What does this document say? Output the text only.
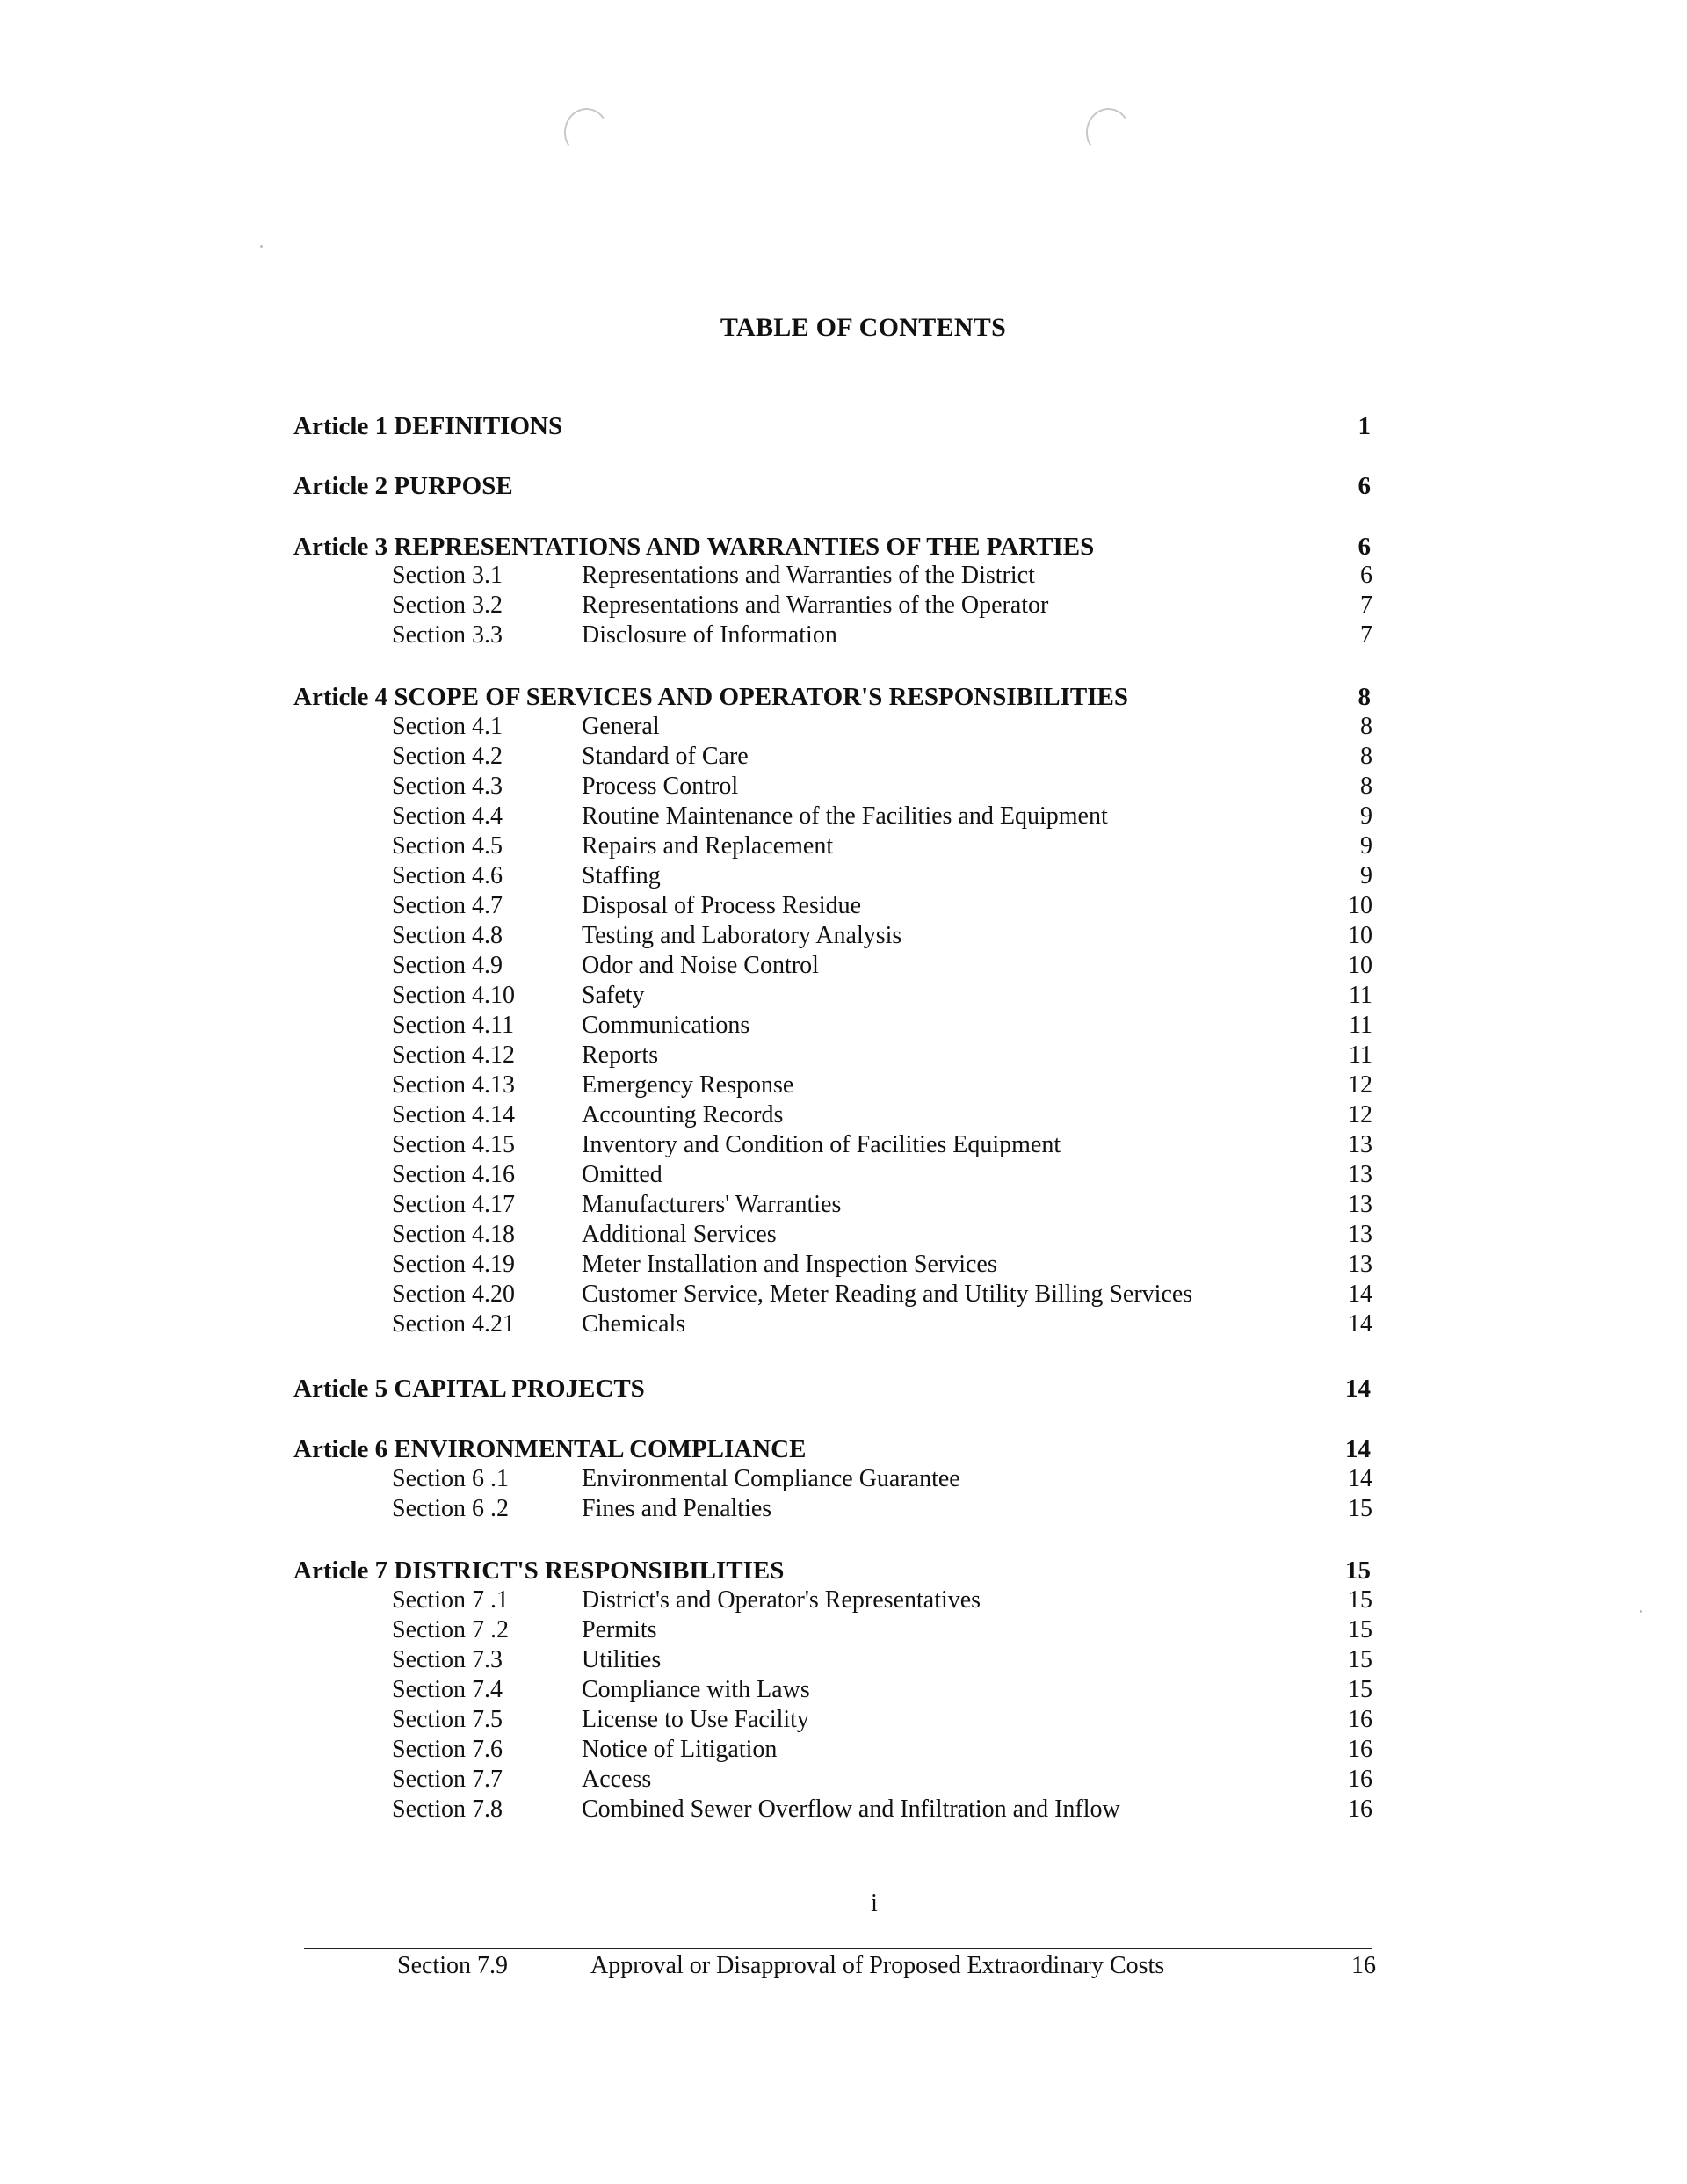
TABLE OF CONTENTS
Article 1 DEFINITIONS	1
Article 2 PURPOSE	6
Article 3 REPRESENTATIONS AND WARRANTIES OF THE PARTIES	6
Section 3.1	Representations and Warranties of the District	6
Section 3.2	Representations and Warranties of the Operator	7
Section 3.3	Disclosure of Information	7
Article 4 SCOPE OF SERVICES AND OPERATOR'S RESPONSIBILITIES	8
Section 4.1	General	8
Section 4.2	Standard of Care	8
Section 4.3	Process Control	8
Section 4.4	Routine Maintenance of the Facilities and Equipment	9
Section 4.5	Repairs and Replacement	9
Section 4.6	Staffing	9
Section 4.7	Disposal of Process Residue	10
Section 4.8	Testing and Laboratory Analysis	10
Section 4.9	Odor and Noise Control	10
Section 4.10	Safety	11
Section 4.11	Communications	11
Section 4.12	Reports	11
Section 4.13	Emergency Response	12
Section 4.14	Accounting Records	12
Section 4.15	Inventory and Condition of Facilities Equipment	13
Section 4.16	Omitted	13
Section 4.17	Manufacturers' Warranties	13
Section 4.18	Additional Services	13
Section 4.19	Meter Installation and Inspection Services	13
Section 4.20	Customer Service, Meter Reading and Utility Billing Services	14
Section 4.21	Chemicals	14
Article 5 CAPITAL PROJECTS	14
Article 6 ENVIRONMENTAL COMPLIANCE	14
Section 6 .1	Environmental Compliance Guarantee	14
Section 6 .2	Fines and Penalties	15
Article 7 DISTRICT'S RESPONSIBILITIES	15
Section 7 .1	District's and Operator's Representatives	15
Section 7 .2	Permits	15
Section 7.3	Utilities	15
Section 7.4	Compliance with Laws	15
Section 7.5	License to Use Facility	16
Section 7.6	Notice of Litigation	16
Section 7.7	Access	16
Section 7.8	Combined Sewer Overflow and Infiltration and Inflow	16
i
Section 7.9	Approval or Disapproval of Proposed Extraordinary Costs	16
